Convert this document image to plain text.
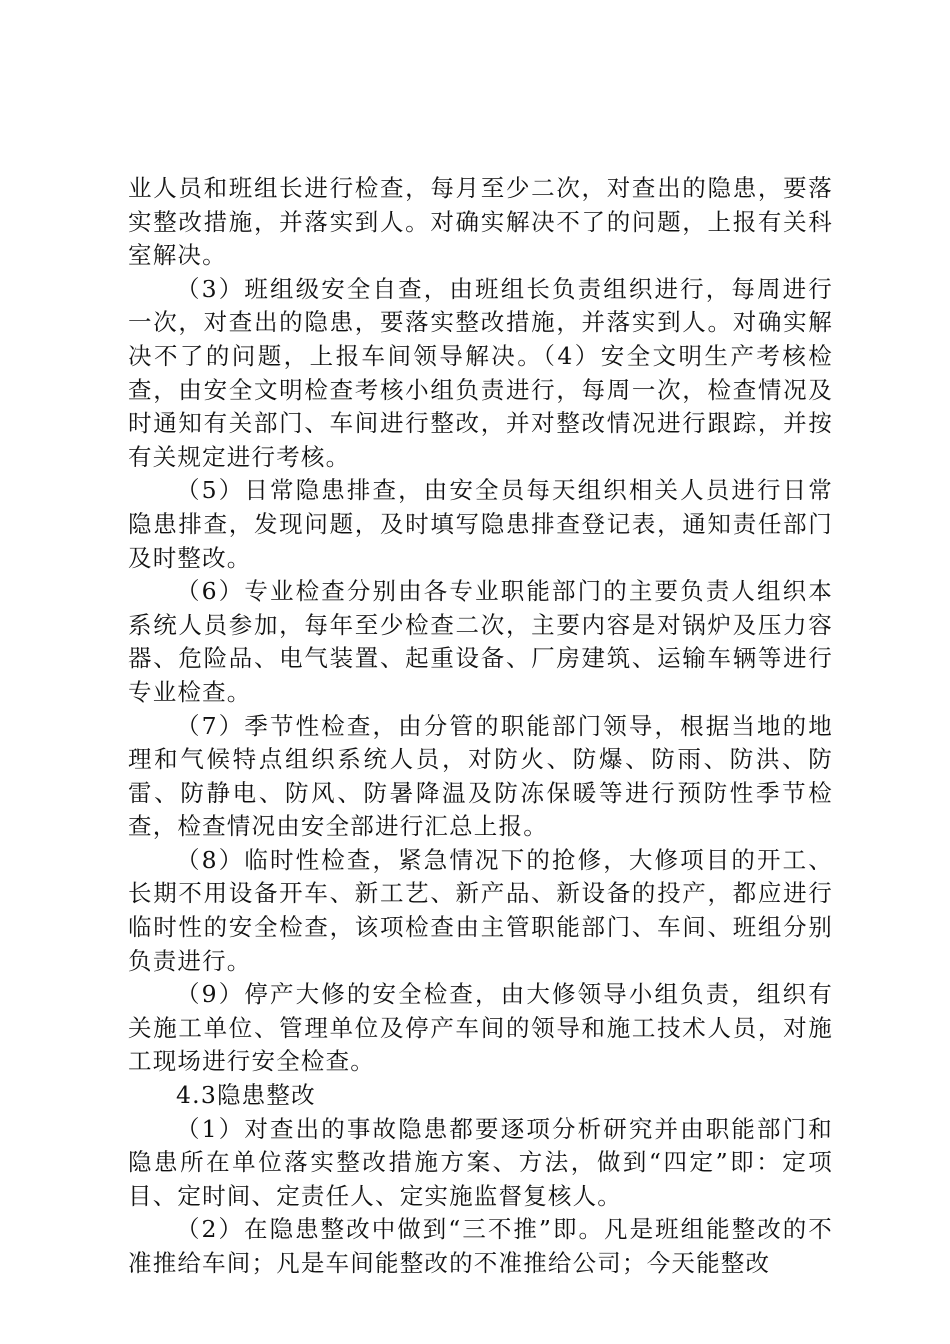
业人员和班组长进行检查，每月至少二次，对查出的隐患，要落实整改措施，并落实到人。对确实解决不了的问题，上报有关科室解决。

（3）班组级安全自查，由班组长负责组织进行，每周进行一次，对查出的隐患，要落实整改措施，并落实到人。对确实解决不了的问题，上报车间领导解决。（4）安全文明生产考核检查，由安全文明检查考核小组负责进行，每周一次，检查情况及时通知有关部门、车间进行整改，并对整改情况进行跟踪，并按有关规定进行考核。

（5）日常隐患排查，由安全员每天组织相关人员进行日常隐患排查，发现问题，及时填写隐患排查登记表，通知责任部门及时整改。

（6）专业检查分别由各专业职能部门的主要负责人组织本系统人员参加，每年至少检查二次，主要内容是对锅炉及压力容器、危险品、电气装置、起重设备、厂房建筑、运输车辆等进行专业检查。

（7）季节性检查，由分管的职能部门领导，根据当地的地理和气候特点组织系统人员，对防火、防爆、防雨、防洪、防雷、防静电、防风、防暑降温及防冻保暖等进行预防性季节检查，检查情况由安全部进行汇总上报。

（8）临时性检查，紧急情况下的抢修，大修项目的开工、长期不用设备开车、新工艺、新产品、新设备的投产，都应进行临时性的安全检查，该项检查由主管职能部门、车间、班组分别负责进行。

（9）停产大修的安全检查，由大修领导小组负责，组织有关施工单位、管理单位及停产车间的领导和施工技术人员，对施工现场进行安全检查。

4.3隐患整改

（1）对查出的事故隐患都要逐项分析研究并由职能部门和隐患所在单位落实整改措施方案、方法，做到“四定”即：定项目、定时间、定责任人、定实施监督复核人。

（2）在隐患整改中做到“三不推”即。凡是班组能整改的不准推给车间；凡是车间能整改的不准推给公司；今天能整改
